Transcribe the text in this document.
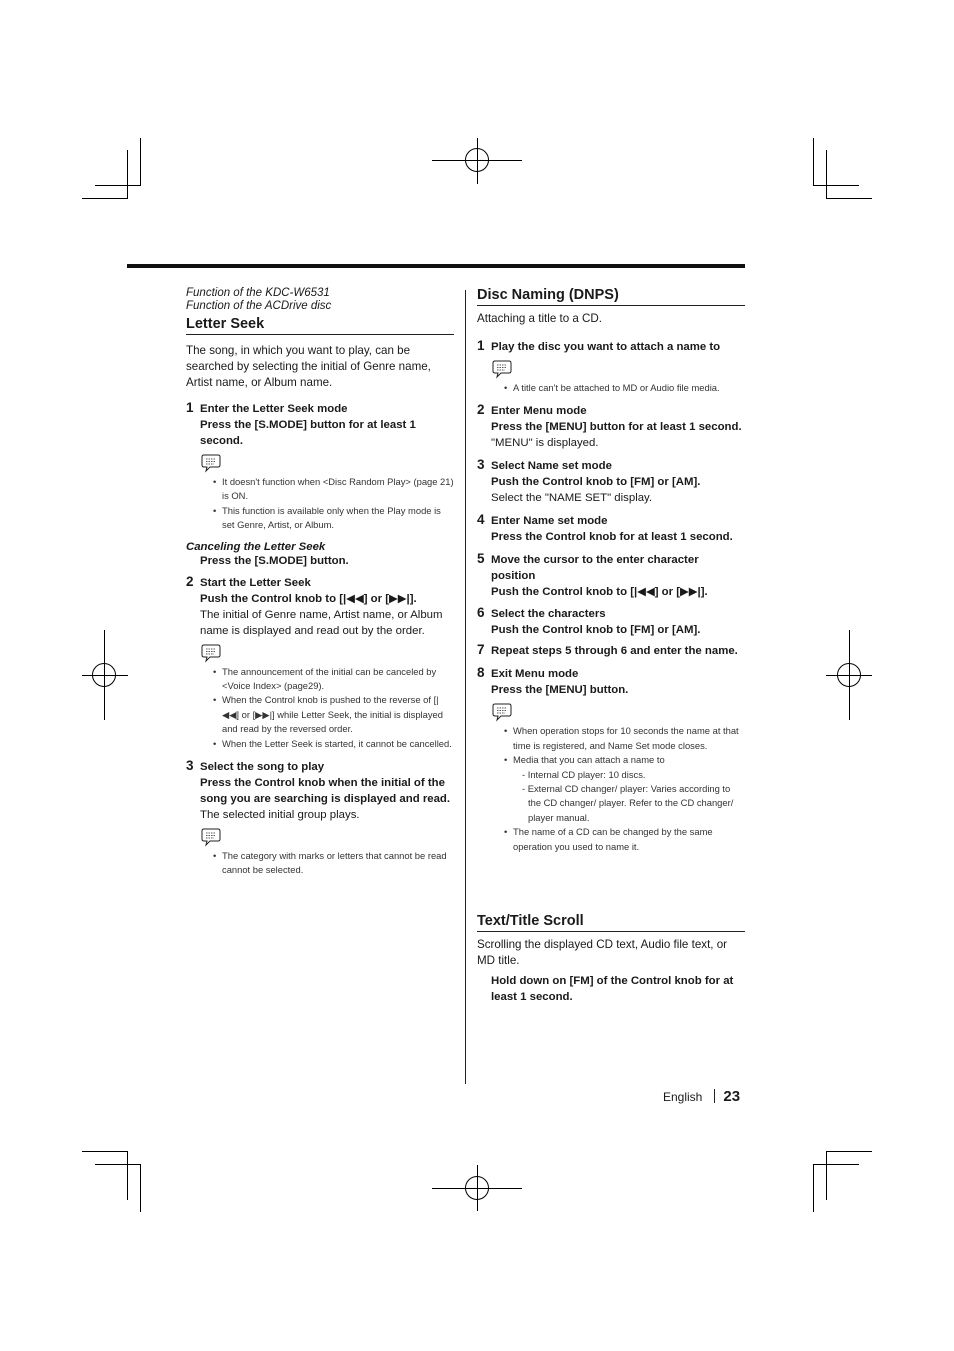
Function of the KDC-W6531
Function of the ACDrive disc
Letter Seek
The song, in which you want to play, can be searched by selecting the initial of Genre name, Artist name, or Album name.
1 Enter the Letter Seek mode
Press the [S.MODE] button for at least 1 second.
• It doesn't function when <Disc Random Play> (page 21) is ON.
• This function is available only when the Play mode is set Genre, Artist, or Album.
Canceling the Letter Seek
Press the [S.MODE] button.
2 Start the Letter Seek
Push the Control knob to [|◀◀] or [▶▶|].
The initial of Genre name, Artist name, or Album name is displayed and read out by the order.
• The announcement of the initial can be canceled by <Voice Index> (page29).
• When the Control knob is pushed to the reverse of [|◀◀] or [▶▶|] while Letter Seek, the initial is displayed and read by the reversed order.
• When the Letter Seek is started, it cannot be cancelled.
3 Select the song to play
Press the Control knob when the initial of the song you are searching is displayed and read.
The selected initial group plays.
• The category with marks or letters that cannot be read cannot be selected.
Disc Naming (DNPS)
Attaching a title to a CD.
1 Play the disc you want to attach a name to
• A title can't be attached to MD or Audio file media.
2 Enter Menu mode
Press the [MENU] button for at least 1 second.
"MENU" is displayed.
3 Select Name set mode
Push the Control knob to [FM] or [AM].
Select the "NAME SET" display.
4 Enter Name set mode
Press the Control knob for at least 1 second.
5 Move the cursor to the enter character position
Push the Control knob to [|◀◀] or [▶▶|].
6 Select the characters
Push the Control knob to [FM] or [AM].
7 Repeat steps 5 through 6 and enter the name.
8 Exit Menu mode
Press the [MENU] button.
• When operation stops for 10 seconds the name at that time is registered, and Name Set mode closes.
• Media that you can attach a name to
- Internal CD player: 10 discs.
- External CD changer/ player: Varies according to the CD changer/ player. Refer to the CD changer/ player manual.
• The name of a CD can be changed by the same operation you used to name it.
Text/Title Scroll
Scrolling the displayed CD text, Audio file text, or MD title.
Hold down on [FM] of the Control knob for at least 1 second.
English 23
